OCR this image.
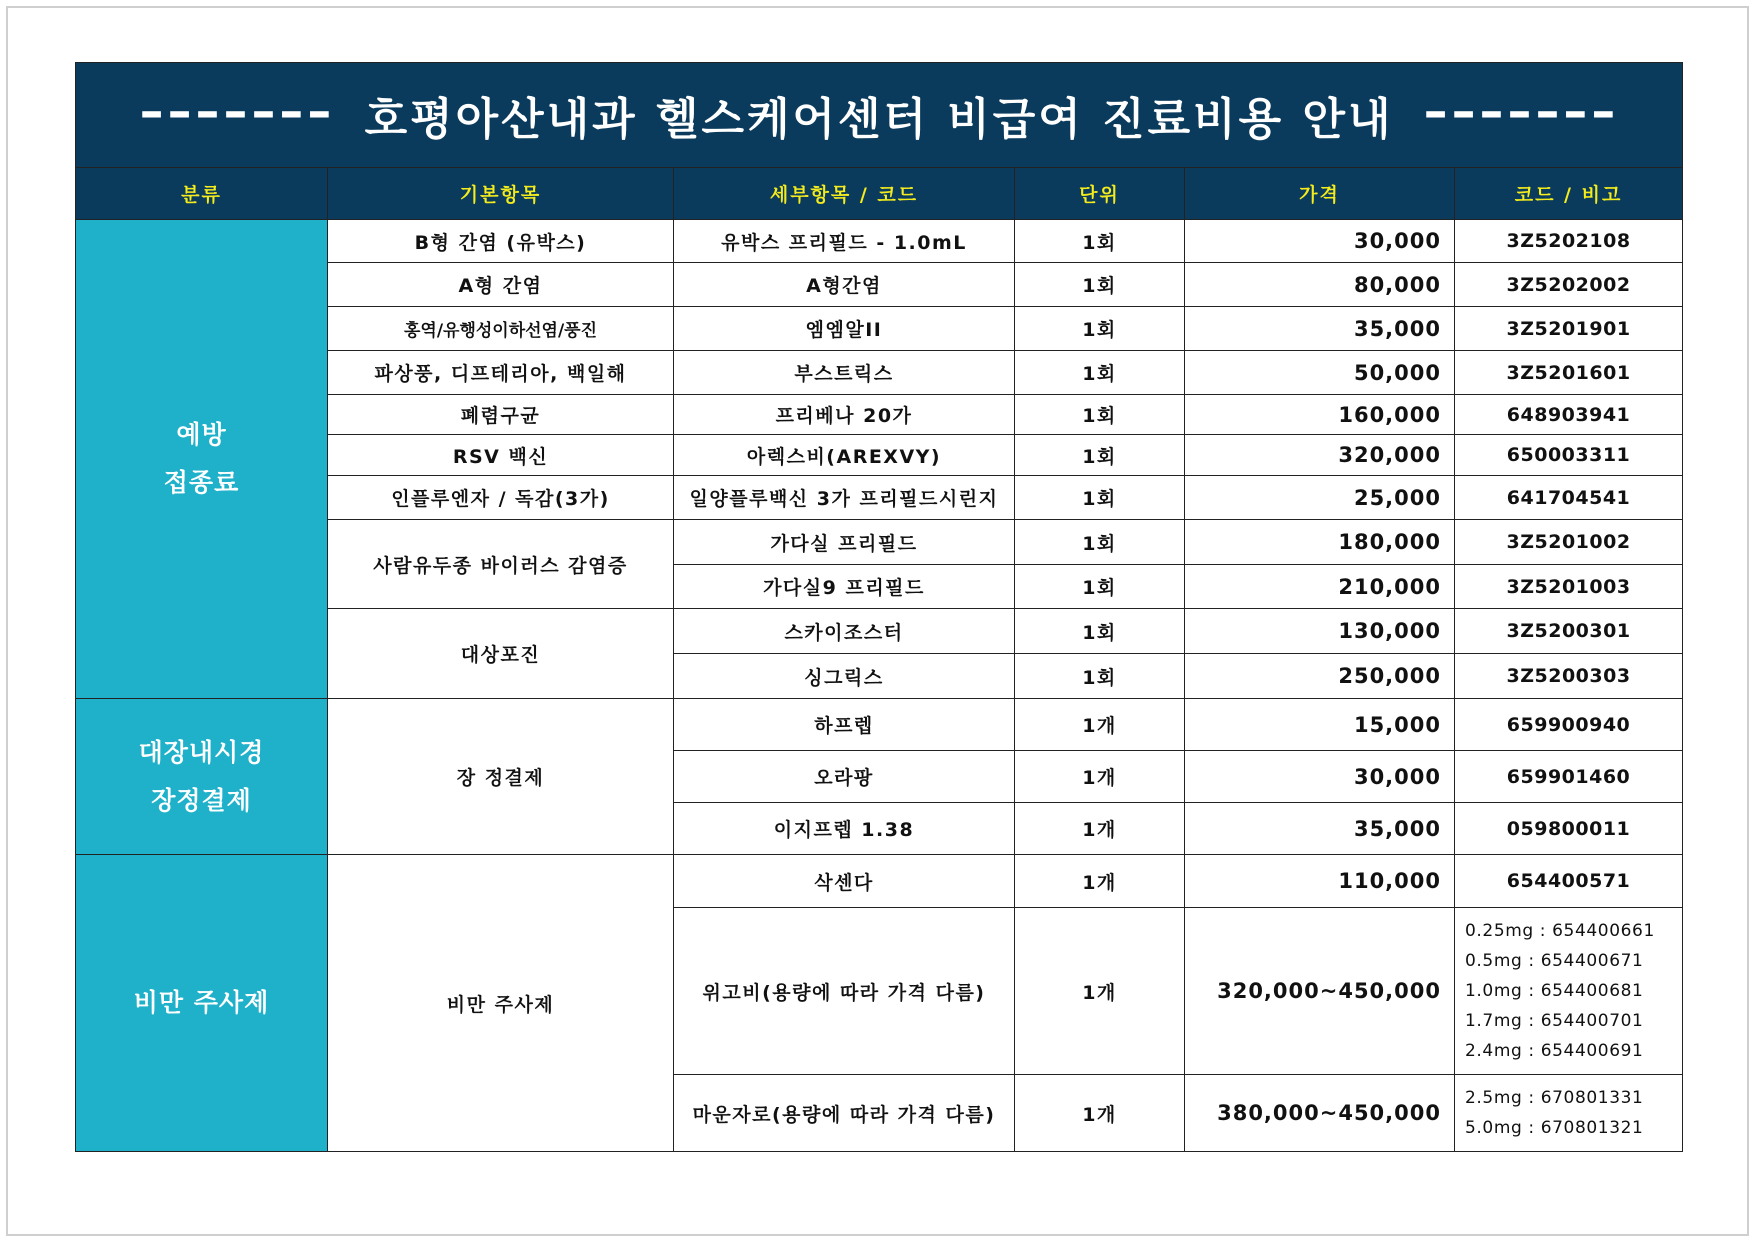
------- 호평아산내과 헬스케어센터 비급여 진료비용 안내 -------					

분류	기본항목	세부항목 / 코드	단위	가격	코드 / 비고

예방
접종료	B형 간염 (유박스)	유박스 프리필드 - 1.0mL	1회	30,000	3Z5202108
	A형 간염	A형간염	1회	80,000	3Z5202002
	홍역/유행성이하선염/풍진	엠엠알II	1회	35,000	3Z5201901
	파상풍, 디프테리아, 백일해	부스트릭스	1회	50,000	3Z5201601
	폐렴구균	프리베나 20가	1회	160,000	648903941
	RSV 백신	아렉스비(AREXVY)	1회	320,000	650003311
	인플루엔자 / 독감(3가)	일양플루백신 3가 프리필드시린지	1회	25,000	641704541
	사람유두종 바이러스 감염증	가다실 프리필드	1회	180,000	3Z5201002
		가다실9 프리필드	1회	210,000	3Z5201003
	대상포진	스카이조스터	1회	130,000	3Z5200301
		싱그릭스	1회	250,000	3Z5200303

대장내시경
장정결제	장 정결제	하프렙	1개	15,000	659900940
		오라팡	1개	30,000	659901460
		이지프렙 1.38	1개	35,000	059800011

비만 주사제	비만 주사제	삭센다	1개	110,000	654400571
		위고비(용량에 따라 가격 다름)	1개	320,000~450,000	0.25mg : 654400661
0.5mg : 654400671
1.0mg : 654400681
1.7mg : 654400701
2.4mg : 654400691

		마운자로(용량에 따라 가격 다름)	1개	380,000~450,000	2.5mg : 670801331
5.0mg : 670801321
